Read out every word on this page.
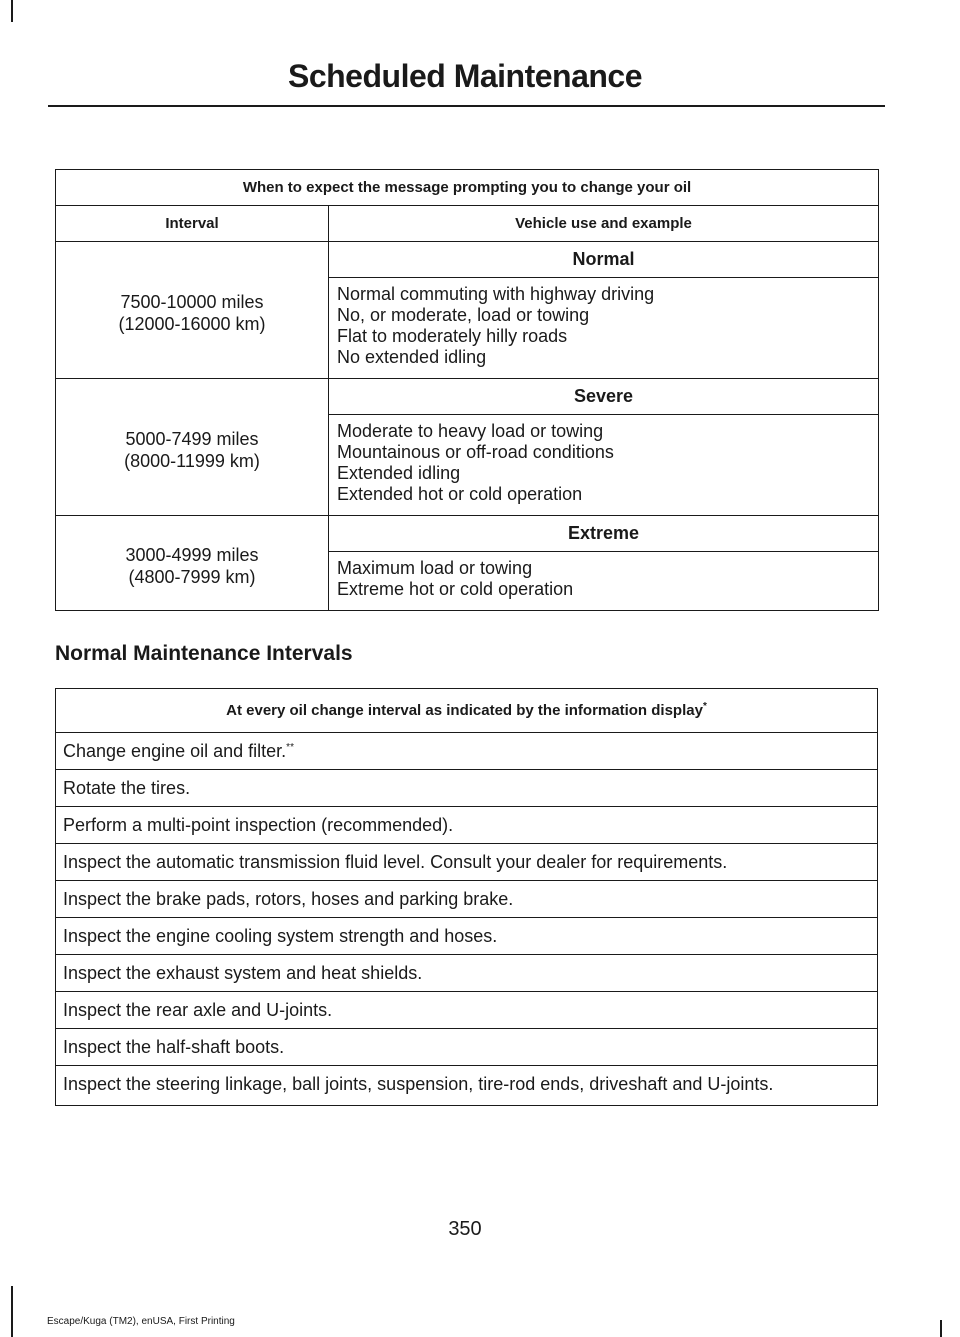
Scheduled Maintenance
When to expect the message prompting you to change your oil	
Interval	Vehicle use and example

7500-10000 miles
(12000-16000 km)	Normal

	Normal commuting with highway driving
No, or moderate, load or towing
Flat to moderately hilly roads
No extended idling

5000-7499 miles
(8000-11999 km)	Severe

	Moderate to heavy load or towing
Mountainous or off-road conditions
Extended idling
Extended hot or cold operation

3000-4999 miles
(4800-7999 km)	Extreme

	Maximum load or towing
Extreme hot or cold operation
Normal Maintenance Intervals
At every oil change interval as indicated by the information display*
Change engine oil and filter.**
Rotate the tires.
Perform a multi-point inspection (recommended).
Inspect the automatic transmission fluid level. Consult your dealer for requirements.
Inspect the brake pads, rotors, hoses and parking brake.
Inspect the engine cooling system strength and hoses.
Inspect the exhaust system and heat shields.
Inspect the rear axle and U-joints.
Inspect the half-shaft boots.
Inspect the steering linkage, ball joints, suspension, tire-rod ends, driveshaft and U-joints.
350
Escape/Kuga (TM2), enUSA, First Printing
